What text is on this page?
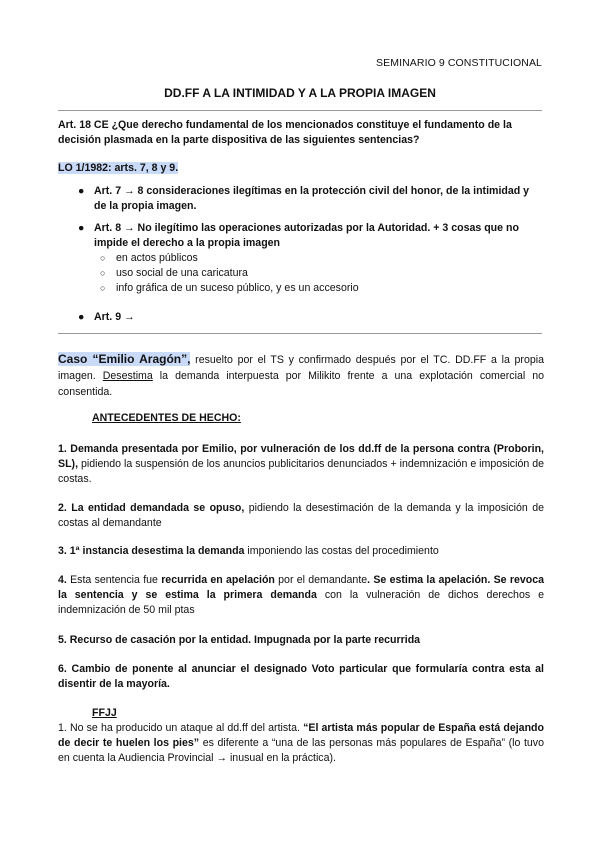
SEMINARIO 9 CONSTITUCIONAL
DD.FF A LA INTIMIDAD Y A LA PROPIA IMAGEN
Art. 18 CE ¿Que derecho fundamental de los mencionados constituye el fundamento de la decisión plasmada en la parte dispositiva de las siguientes sentencias?
LO 1/1982: arts. 7, 8 y 9.
● Art. 7 → 8 consideraciones ilegítimas en la protección civil del honor, de la intimidad y de la propia imagen.
● Art. 8 → No ilegítimo las operaciones autorizadas por la Autoridad. + 3 cosas que no impide el derecho a la propia imagen
○ en actos públicos
○ uso social de una caricatura
○ info gráfica de un suceso público, y es un accesorio
● Art. 9 →
Caso “Emilio Aragón”, resuelto por el TS y confirmado después por el TC. DD.FF a la propia imagen. Desestima la demanda interpuesta por Milikito frente a una explotación comercial no consentida.
ANTECEDENTES DE HECHO:
1. Demanda presentada por Emilio, por vulneración de los dd.ff de la persona contra (Proborin, SL), pidiendo la suspensión de los anuncios publicitarios denunciados + indemnización e imposición de costas.
2. La entidad demandada se opuso, pidiendo la desestimación de la demanda y la imposición de costas al demandante
3. 1ª instancia desestima la demanda imponiendo las costas del procedimiento
4. Esta sentencia fue recurrida en apelación por el demandante. Se estima la apelación. Se revoca la sentencia y se estima la primera demanda con la vulneración de dichos derechos e indemnización de 50 mil ptas
5. Recurso de casación por la entidad. Impugnada por la parte recurrida
6. Cambio de ponente al anunciar el designado Voto particular que formularía contra esta al disentir de la mayoría.
FFJJ
1. No se ha producido un ataque al dd.ff del artista. “El artista más popular de España está dejando de decir te huelen los pies” es diferente a “una de las personas más populares de España” (lo tuvo en cuenta la Audiencia Provincial → inusual en la práctica).
